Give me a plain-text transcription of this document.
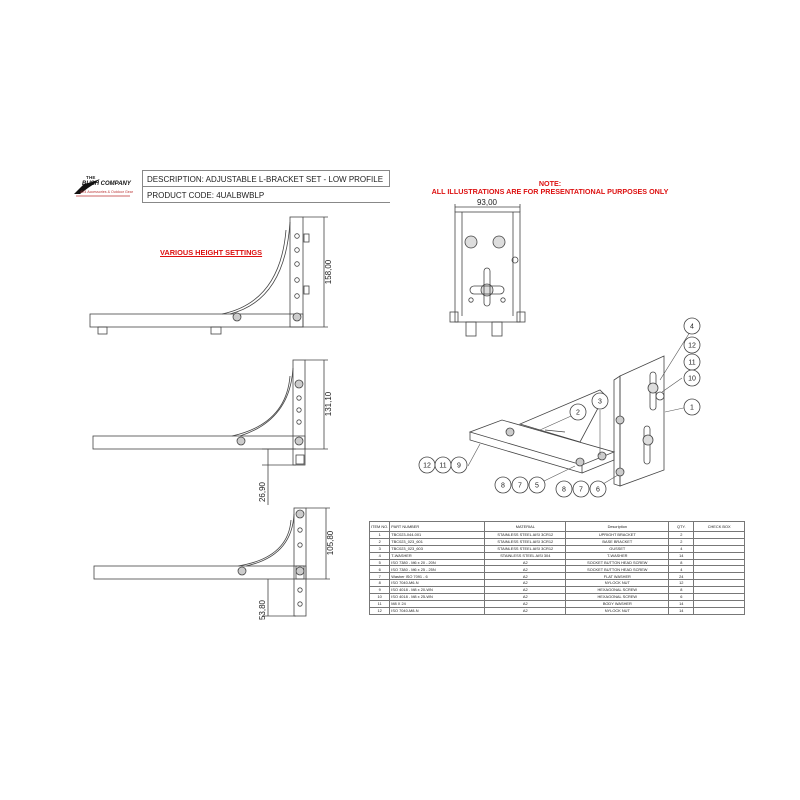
THE
BUSH COMPANY
4X4 Accessories & Outdoor Gear
DESCRIPTION: ADJUSTABLE L-BRACKET SET - LOW PROFILE
PRODUCT CODE: 4UALBWBLP
NOTE:
ALL ILLUSTRATIONS ARE FOR PRESENTATIONAL PURPOSES ONLY
VARIOUS HEIGHT SETTINGS
158,00
131,10
26,90
105,80
53,80
93,00
4
12
11
10
1
2
3
12 11 9
8 7 5
8 7 6
ITEM NO.	PART NUMBER	MATERIAL	Description	QTY.	CHECK BOX
1	TBC023-044-001	STAINLESS STEEL AISI 3CR12	UPRIGHT BRACKET	2	
2	TBC023_023_601	STAINLESS STEEL AISI 3CR12	BASE BRACKET	2	
3	TBC023_023_603	STAINLESS STEEL AISI 3CR12	GUSSET	4	
4	T-WASHER	STAINLESS STEEL AISI 304	T-WASHER	14	
5	ISO 7380 - M6 x 20 - 20N	A2	SOCKET BUTTON HEAD SCREW	8	
6	ISO 7380 - M6 x 25 - 25N	A2	SOCKET BUTTON HEAD SCREW	4	
7	Washer ISO 7091 - 6	A2	FLAT WASHER	24	
8	ISO 7040-M6-N	A2	NYLOCK NUT	12	
9	ISO 4018 - M8 x 20-WN	A2	HEXAGONAL SCREW	8	
10	ISO 4018 - M8 x 25-WN	A2	HEXAGONAL SCREW	6	
11	M8 X 24	A2	BODY WASHER	14	
12	ISO 7040-M8-N	A2	NYLOCK NUT	14	
